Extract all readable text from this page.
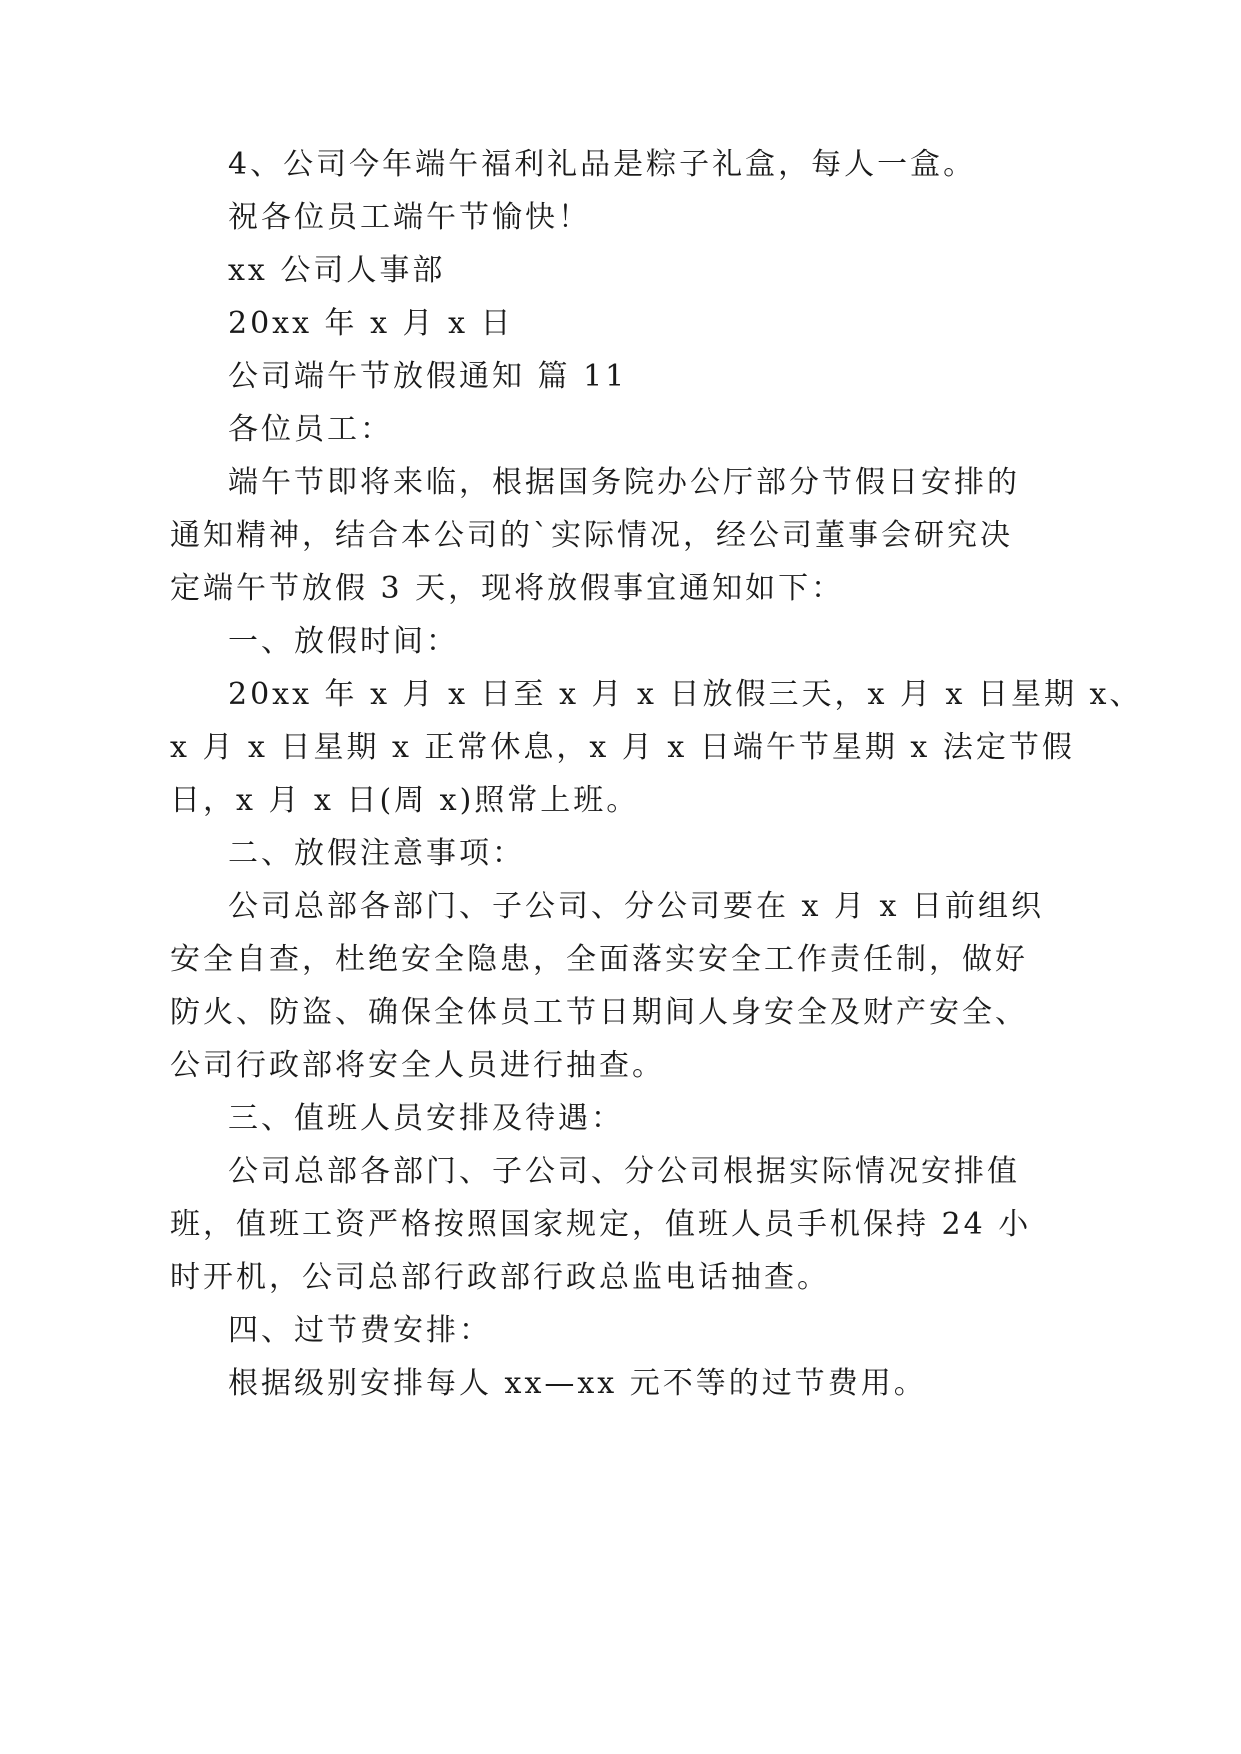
4、公司今年端午福利礼品是粽子礼盒，每人一盒。
祝各位员工端午节愉快！
xx 公司人事部
20xx 年 x 月 x 日
公司端午节放假通知 篇 11
各位员工：
端午节即将来临，根据国务院办公厅部分节假日安排的
通知精神，结合本公司的`实际情况，经公司董事会研究决
定端午节放假 3 天，现将放假事宜通知如下：
一、放假时间：
20xx 年 x 月 x 日至 x 月 x 日放假三天，x 月 x 日星期 x、
x 月 x 日星期 x 正常休息，x 月 x 日端午节星期 x 法定节假
日，x 月 x 日(周 x)照常上班。
二、放假注意事项：
公司总部各部门、子公司、分公司要在 x 月 x 日前组织
安全自查，杜绝安全隐患，全面落实安全工作责任制，做好
防火、防盗、确保全体员工节日期间人身安全及财产安全、
公司行政部将安全人员进行抽查。
三、值班人员安排及待遇：
公司总部各部门、子公司、分公司根据实际情况安排值
班，值班工资严格按照国家规定，值班人员手机保持 24 小
时开机，公司总部行政部行政总监电话抽查。
四、过节费安排：
根据级别安排每人 xx—xx 元不等的过节费用。
